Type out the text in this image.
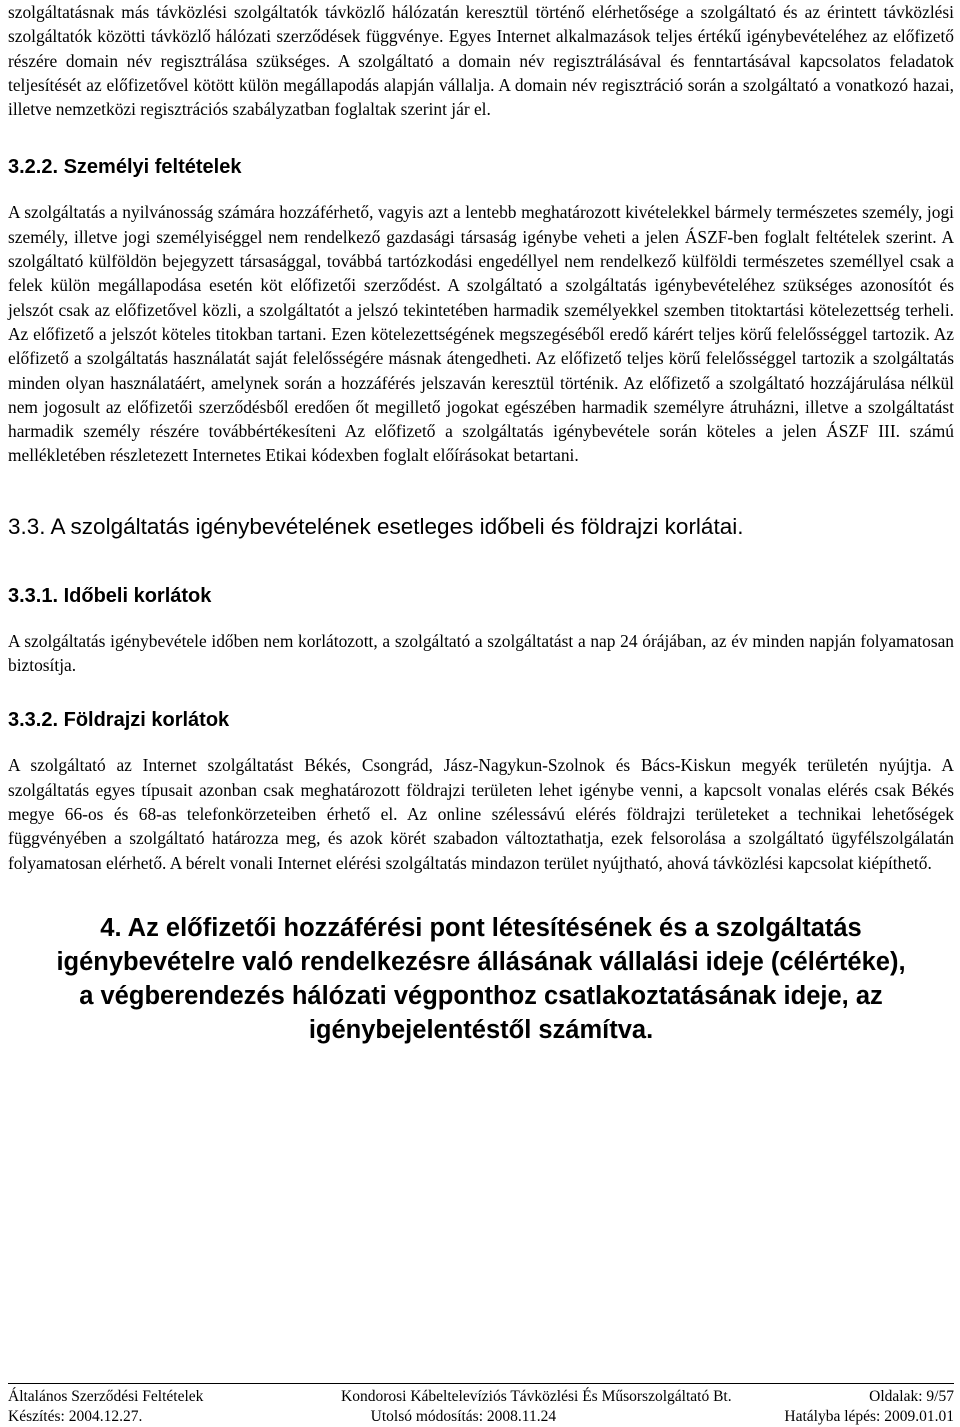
szolgáltatásnak más távközlési szolgáltatók távközlő hálózatán keresztül történő elérhetősége a szolgáltató és az érintett távközlési szolgáltatók közötti távközlő hálózati szerződések függvénye. Egyes Internet alkalmazások teljes értékű igénybevételéhez az előfizető részére domain név regisztrálása szükséges. A szolgáltató a domain név regisztrálásával és fenntartásával kapcsolatos feladatok teljesítését az előfizetővel kötött külön megállapodás alapján vállalja. A domain név regisztráció során a szolgáltató a vonatkozó hazai, illetve nemzetközi regisztrációs szabályzatban foglaltak szerint jár el.

3.2.2. Személyi feltételek

A szolgáltatás a nyilvánosság számára hozzáférhető, vagyis azt a lentebb meghatározott kivételekkel bármely természetes személy, jogi személy, illetve jogi személyiséggel nem rendelkező gazdasági társaság igénybe veheti a jelen ÁSZF-ben foglalt feltételek szerint. A szolgáltató külföldön bejegyzett társasággal, továbbá tartózkodási engedéllyel nem rendelkező külföldi természetes személlyel csak a felek külön megállapodása esetén köt előfizetői szerződést. A szolgáltató a szolgáltatás igénybevételéhez szükséges azonosítót és jelszót csak az előfizetővel közli, a szolgáltatót a jelszó tekintetében harmadik személyekkel szemben titoktartási kötelezettség terheli. Az előfizető a jelszót köteles titokban tartani. Ezen kötelezettségének megszegéséből eredő kárért teljes körű felelősséggel tartozik. Az előfizető a szolgáltatás használatát saját felelősségére másnak átengedheti. Az előfizető teljes körű felelősséggel tartozik a szolgáltatás minden olyan használatáért, amelynek során a hozzáférés jelszaván keresztül történik. Az előfizető a szolgáltató hozzájárulása nélkül nem jogosult az előfizetői szerződésből eredően őt megillető jogokat egészében harmadik személyre átruházni, illetve a szolgáltatást harmadik személy részére továbbértékesíteni Az előfizető a szolgáltatás igénybevétele során köteles a jelen ÁSZF III. számú mellékletében részletezett Internetes Etikai kódexben foglalt előírásokat betartani.

3.3. A szolgáltatás igénybevételének esetleges időbeli és földrajzi korlátai.
3.3.1. Időbeli korlátok

A szolgáltatás igénybevétele időben nem korlátozott, a szolgáltató a szolgáltatást a nap 24 órájában, az év minden napján folyamatosan biztosítja.

3.3.2. Földrajzi korlátok

A szolgáltató az Internet szolgáltatást Békés, Csongrád, Jász-Nagykun-Szolnok és Bács-Kiskun megyék területén nyújtja. A szolgáltatás egyes típusait azonban csak meghatározott földrajzi területen lehet igénybe venni, a kapcsolt vonalas elérés csak Békés megye 66-os és 68-as telefonkörzeteiben érhető el. Az online szélessávú elérés földrajzi területeket a technikai lehetőségek függvényében a szolgáltató határozza meg, és azok körét szabadon változtathatja, ezek felsorolása a szolgáltató ügyfélszolgálatán folyamatosan elérhető. A bérelt vonali Internet elérési szolgáltatás mindazon terület nyújtható, ahová távközlési kapcsolat kiépíthető.

4. Az előfizetői hozzáférési pont létesítésének és a szolgáltatás igénybevételre való rendelkezésre állásának vállalási ideje (célértéke), a végberendezés hálózati végponthoz csatlakoztatásának ideje, az igénybejelentéstől számítva.
Általános Szerződési Feltételek	Kondorosi Kábeltelevíziós Távközlési És Műsorszolgáltató Bt.	Oldalak: 9/57
Készítés: 2004.12.27.	Utolsó módosítás: 2008.11.24	Hatályba lépés: 2009.01.01
